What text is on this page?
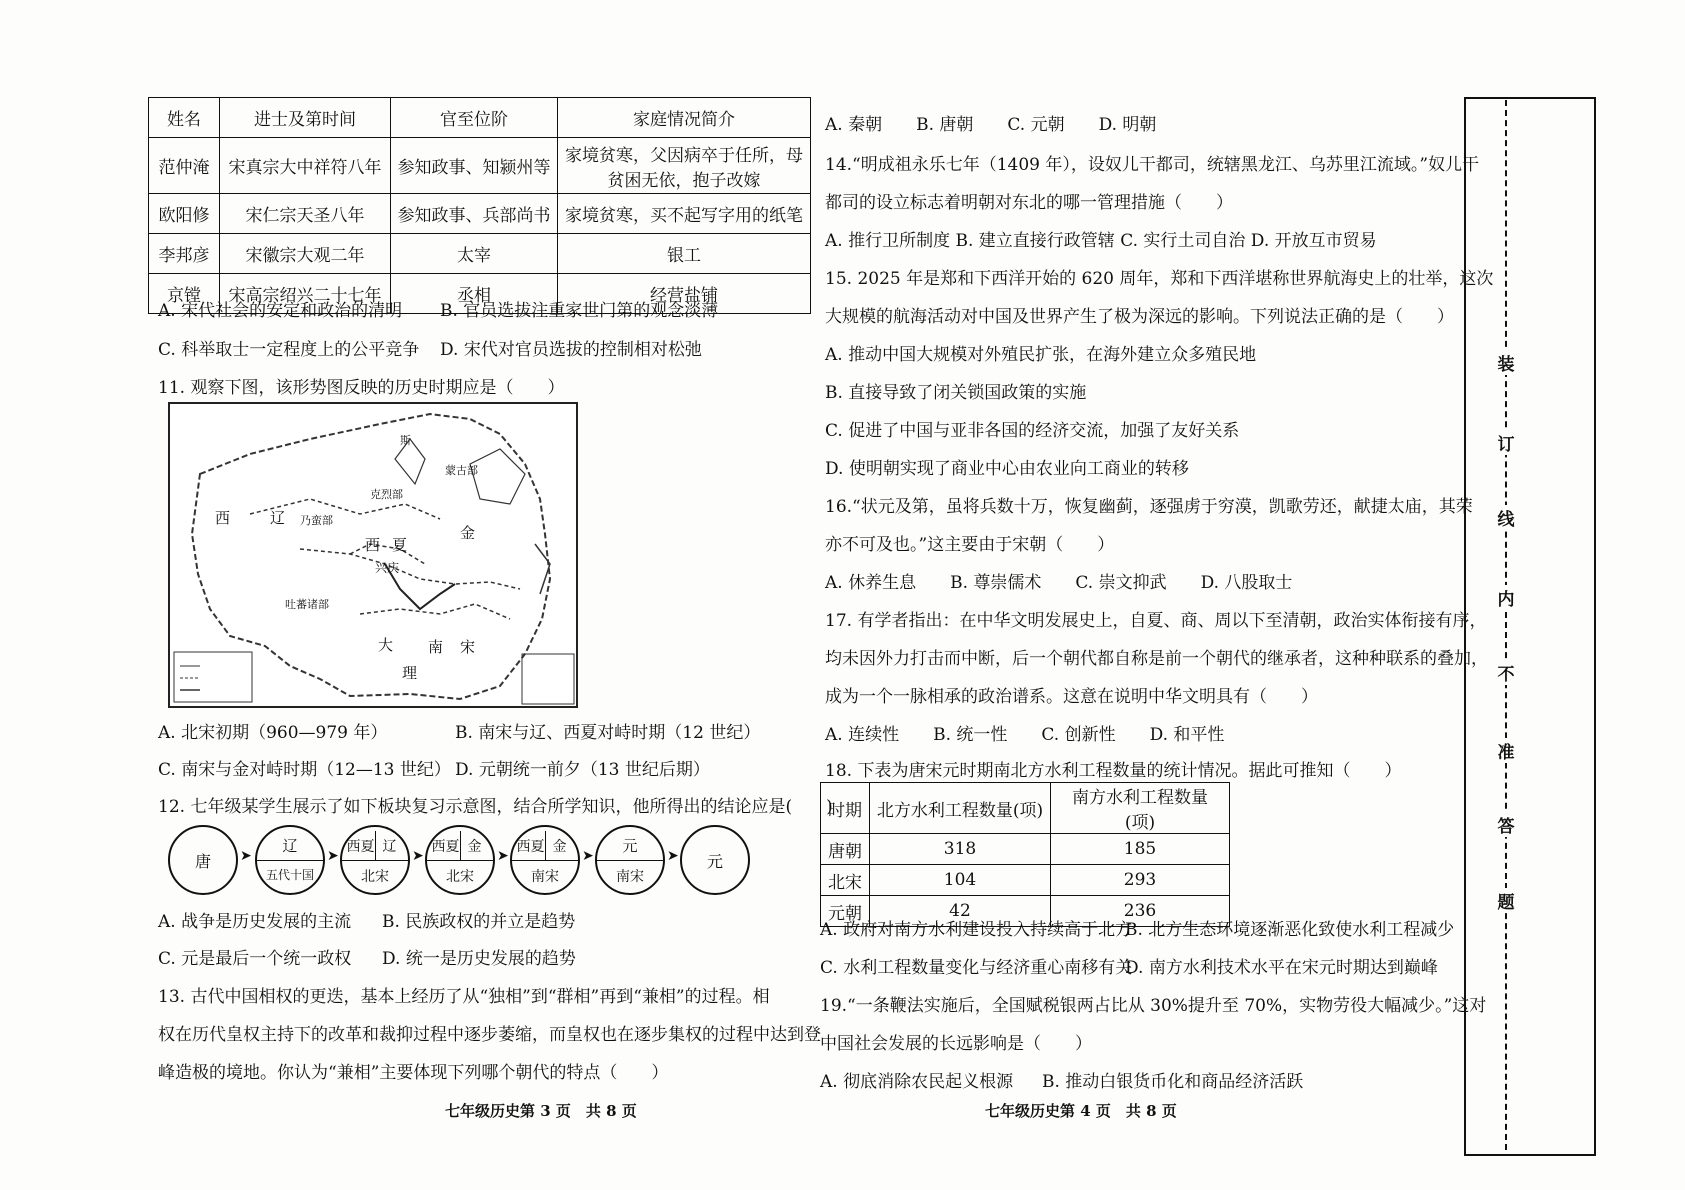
姓名	进士及第时间	官至位阶	家庭情况简介
范仲淹	宋真宗大中祥符八年	参知政事、知颍州等	家境贫寒，父因病卒于任所，母
贫困无依，抱子改嫁

欧阳修	宋仁宗天圣八年	参知政事、兵部尚书	家境贫寒，买不起写字用的纸笔
李邦彦	宋徽宗大观二年	太宰	银工
京镗	宋高宗绍兴二十七年	丞相	经营盐铺
A. 宋代社会的安定和政治的清明 B. 官员选拔注重家世门第的观念淡薄
C. 科举取士一定程度上的公平竞争 D. 宋代对官员选拔的控制相对松弛
11. 观察下图，该形势图反映的历史时期应是（　　）
斯
蒙古部
克烈部
乃蛮部
西	辽
西 夏
兴庆
金
吐蕃诸部
大
理
南 宋
A. 北宋初期（960—979 年）	B. 南宋与辽、西夏对峙时期（12 世纪）
C. 南宋与金对峙时期（12—13 世纪） D. 元朝统一前夕（13 世纪后期）
12. 七年级某学生展示了如下板块复习示意图，结合所学知识，他所得出的结论应是(　　)
唐	➤
辽
五代十国
➤
西夏 辽
北宋
➤
西夏 金
北宋
➤
西夏 金
南宋
➤
元
南宋
➤	元
A. 战争是历史发展的主流 B. 民族政权的并立是趋势
C. 元是最后一个统一政权 D. 统一是历史发展的趋势
13. 古代中国相权的更迭，基本上经历了从“独相”到“群相”再到“兼相”的过程。相
权在历代皇权主持下的改革和裁抑过程中逐步萎缩，而皇权也在逐步集权的过程中达到登
峰造极的境地。你认为“兼相”主要体现下列哪个朝代的特点（　　）
七年级历史第 3 页　共 8 页
A. 秦朝　　B. 唐朝　　C. 元朝　　D. 明朝
14.“明成祖永乐七年（1409 年），设奴儿干都司，统辖黑龙江、乌苏里江流域。”奴儿干
都司的设立标志着明朝对东北的哪一管理措施（　　）
A. 推行卫所制度 B. 建立直接行政管辖 C. 实行土司自治 D. 开放互市贸易
15. 2025 年是郑和下西洋开始的 620 周年，郑和下西洋堪称世界航海史上的壮举，这次
大规模的航海活动对中国及世界产生了极为深远的影响。下列说法正确的是（　　）
A. 推动中国大规模对外殖民扩张，在海外建立众多殖民地
B. 直接导致了闭关锁国政策的实施
C. 促进了中国与亚非各国的经济交流，加强了友好关系
D. 使明朝实现了商业中心由农业向工商业的转移
16.“状元及第，虽将兵数十万，恢复幽蓟，逐强虏于穷漠，凯歌劳还，献捷太庙，其荣
亦不可及也。”这主要由于宋朝（　　）
A. 休养生息　　B. 尊崇儒术　　C. 崇文抑武　　D. 八股取士
17. 有学者指出：在中华文明发展史上，自夏、商、周以下至清朝，政治实体衔接有序，
均未因外力打击而中断，后一个朝代都自称是前一个朝代的继承者，这种种联系的叠加，
成为一个一脉相承的政治谱系。这意在说明中华文明具有（　　）
A. 连续性　　B. 统一性　　C. 创新性　　D. 和平性
18. 下表为唐宋元时期南北方水利工程数量的统计情况。据此可推知（　　）
时期	北方水利工程数量(项)	南方水利工程数量(项)
唐朝	318	185
北宋	104	293
元朝	42	236
A. 政府对南方水利建设投入持续高于北方
B. 北方生态环境逐渐恶化致使水利工程减少
C. 水利工程数量变化与经济重心南移有关
D. 南方水利技术水平在宋元时期达到巅峰
19.“一条鞭法实施后，全国赋税银两占比从 30%提升至 70%，实物劳役大幅减少。”这对
中国社会发展的长远影响是（　　）
A. 彻底消除农民起义根源 B. 推动白银货币化和商品经济活跃
七年级历史第 4 页　共 8 页
装
订
线
内
不
准
答
题
